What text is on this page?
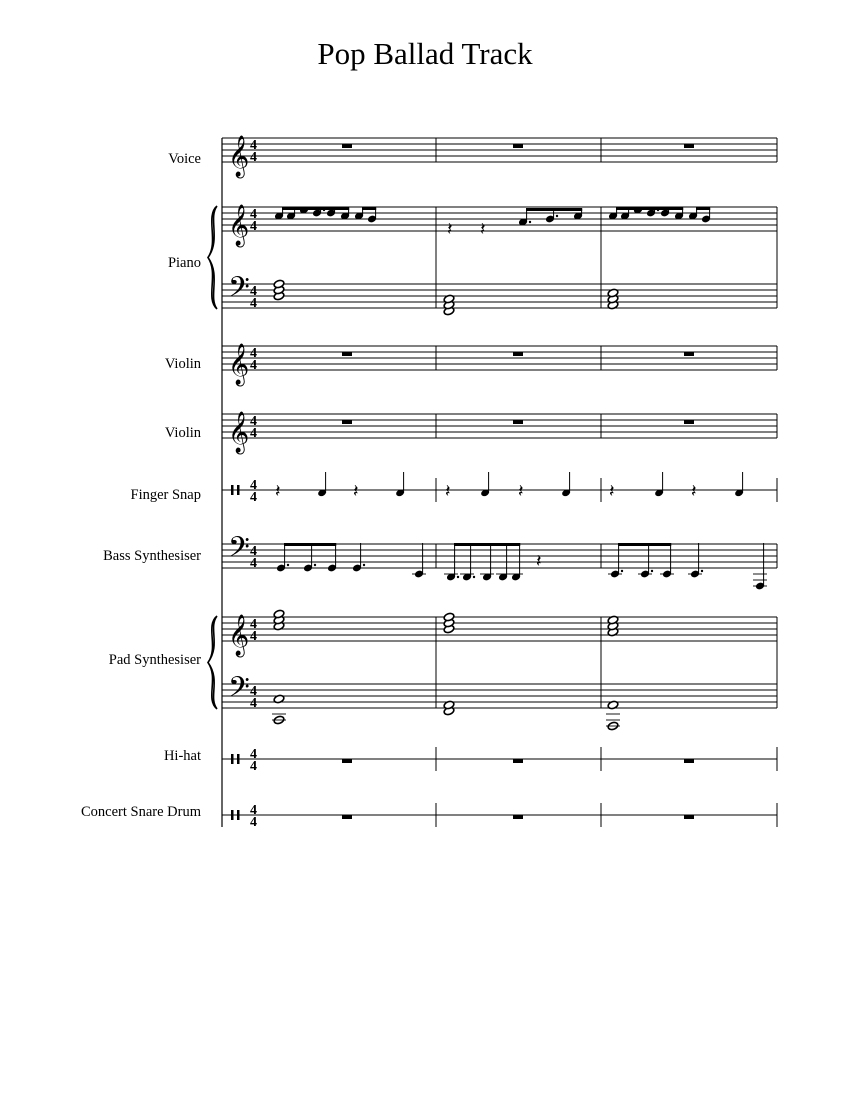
Pop Ballad Track
Voice
Piano
Violin
Violin
Finger Snap
Bass Synthesiser
Pad Synthesiser
Hi-hat
Concert Snare Drum
𝄞 4
4
𝄞 4
4
𝄢 4
4
𝄞 4
4
𝄞 4
4
4
4
𝄢 4
4
𝄞 4
4
𝄢 4
4
4
4
4
4
𝄽	𝄽	𝄽	𝄽	𝄽	𝄽
𝄽 𝄽
𝄽
